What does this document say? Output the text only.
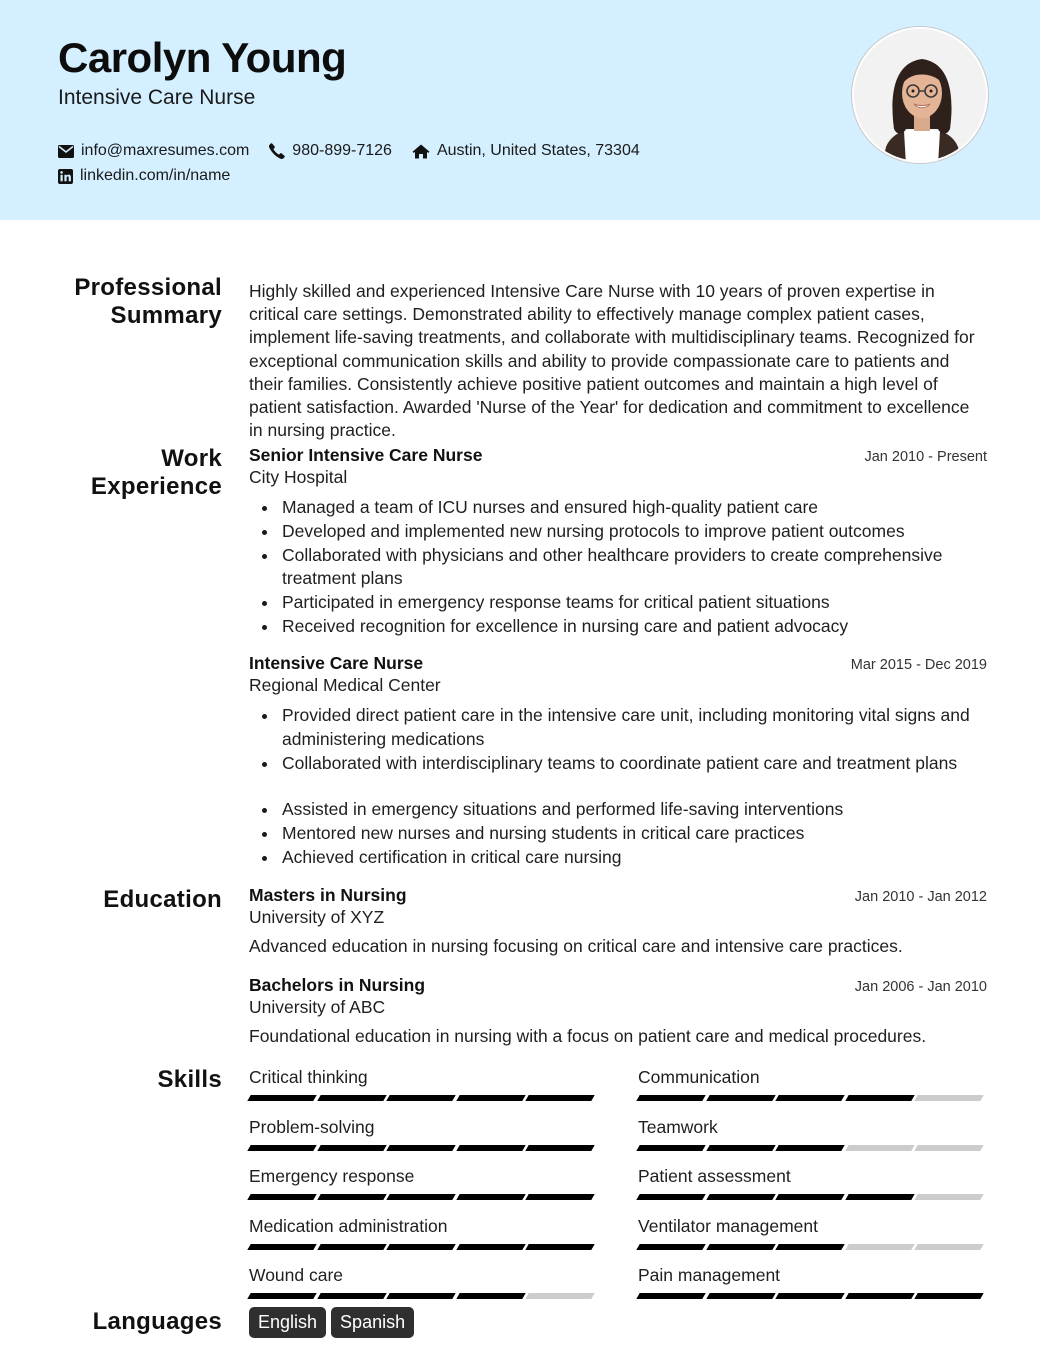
Carolyn Young
Intensive Care Nurse
info@maxresumes.com	980-899-7126	Austin, United States, 73304
linkedin.com/in/name
Professional
Summary

Highly skilled and experienced Intensive Care Nurse with 10 years of proven expertise in critical care settings. Demonstrated ability to effectively manage complex patient cases, implement life-saving treatments, and collaborate with multidisciplinary teams. Recognized for exceptional communication skills and ability to provide compassionate care to patients and their families. Consistently achieve positive patient outcomes and maintain a high level of patient satisfaction. Awarded 'Nurse of the Year' for dedication and commitment to excellence in nursing practice.

Work
Experience
Senior Intensive Care Nurse	Jan 2010 - Present
City Hospital
Managed a team of ICU nurses and ensured high-quality patient care
Developed and implemented new nursing protocols to improve patient outcomes
Collaborated with physicians and other healthcare providers to create comprehensive treatment plans
Participated in emergency response teams for critical patient situations
Received recognition for excellence in nursing care and patient advocacy
Intensive Care Nurse	Mar 2015 - Dec 2019
Regional Medical Center
Provided direct patient care in the intensive care unit, including monitoring vital signs and administering medications
Collaborated with interdisciplinary teams to coordinate patient care and treatment plans
Assisted in emergency situations and performed life-saving interventions
Mentored new nurses and nursing students in critical care practices
Achieved certification in critical care nursing
Education Masters in Nursing	Jan 2010 - Jan 2012
University of XYZ
Advanced education in nursing focusing on critical care and intensive care practices.
Bachelors in Nursing	Jan 2006 - Jan 2010
University of ABC
Foundational education in nursing with a focus on patient care and medical procedures.
Skills Critical thinking	Communication
Problem-solving	Teamwork
Emergency response	Patient assessment
Medication administration	Ventilator management
Wound care	Pain management
Languages	English	Spanish
